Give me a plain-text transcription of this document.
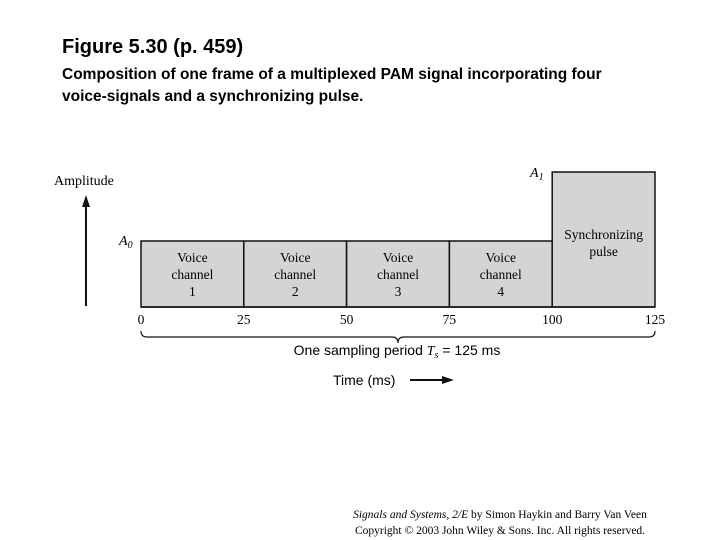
Figure 5.30 (p. 459)
Composition of one frame of a multiplexed PAM signal incorporating four
voice-signals and a synchronizing pulse.
Amplitude
$A_0$
$A_1$
Voice channel 1
Voice channel 2
Voice channel 3
Voice channel 4
Synchronizing pulse
0	25	50	75	100	125
One sampling period $T_s = 125$ ms
Time (ms)
Signals and Systems, 2/E by Simon Haykin and Barry Van Veen
Copyright © 2003 John Wiley & Sons. Inc. All rights reserved.
